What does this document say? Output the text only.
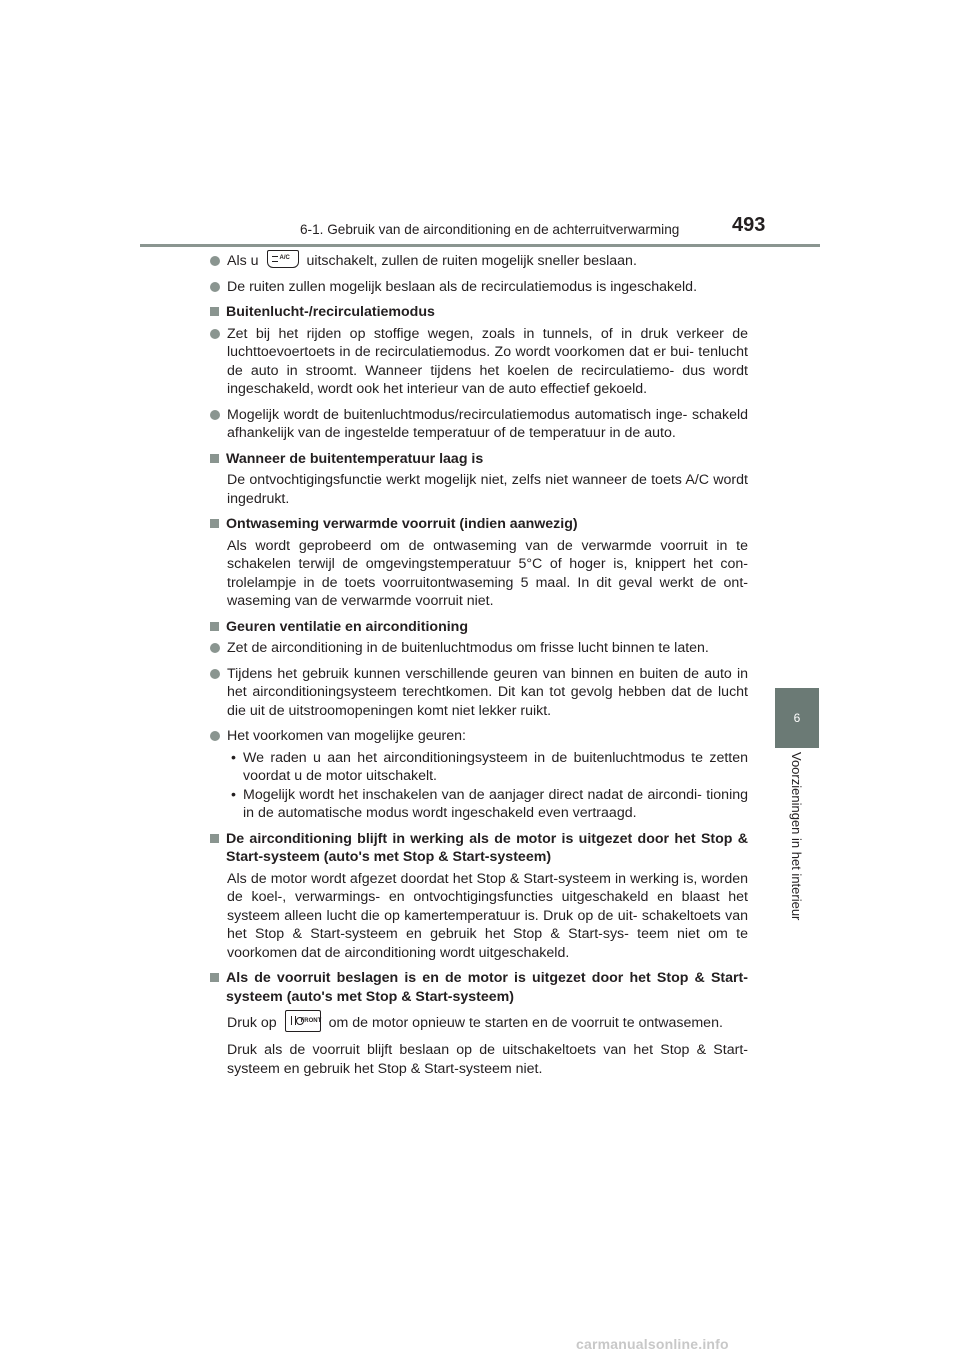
6-1. Gebruik van de airconditioning en de achterruitverwarming	493
6
Voorzieningen in het interieur
Als u	A/C uitschakelt, zullen de ruiten mogelijk sneller beslaan.
De ruiten zullen mogelijk beslaan als de recirculatiemodus is ingeschakeld.
Buitenlucht-/recirculatiemodus
Zet bij het rijden op stoffige wegen, zoals in tunnels, of in druk verkeer de luchttoevoertoets in de recirculatiemodus. Zo wordt voorkomen dat er bui- tenlucht de auto in stroomt. Wanneer tijdens het koelen de recirculatiemo- dus wordt ingeschakeld, wordt ook het interieur van de auto effectief gekoeld.
Mogelijk wordt de buitenluchtmodus/recirculatiemodus automatisch inge- schakeld afhankelijk van de ingestelde temperatuur of de temperatuur in de auto.
Wanneer de buitentemperatuur laag is
De ontvochtigingsfunctie werkt mogelijk niet, zelfs niet wanneer de toets A/C wordt ingedrukt.
Ontwaseming verwarmde voorruit (indien aanwezig)
Als wordt geprobeerd om de ontwaseming van de verwarmde voorruit in te schakelen terwijl de omgevingstemperatuur 5°C of hoger is, knippert het con- trolelampje in de toets voorruitontwaseming 5 maal. In dit geval werkt de ont- waseming van de verwarmde voorruit niet.
Geuren ventilatie en airconditioning
Zet de airconditioning in de buitenluchtmodus om frisse lucht binnen te laten.
Tijdens het gebruik kunnen verschillende geuren van binnen en buiten de auto in het airconditioningsysteem terechtkomen. Dit kan tot gevolg hebben dat de lucht die uit de uitstroomopeningen komt niet lekker ruikt.
Het voorkomen van mogelijke geuren:
• We raden u aan het airconditioningsysteem in de buitenluchtmodus te zetten voordat u de motor uitschakelt.
• Mogelijk wordt het inschakelen van de aanjager direct nadat de aircondi- tioning in de automatische modus wordt ingeschakeld even vertraagd.
De airconditioning blijft in werking als de motor is uitgezet door het Stop & Start-systeem (auto's met Stop & Start-systeem)
Als de motor wordt afgezet doordat het Stop & Start-systeem in werking is, worden de koel-, verwarmings- en ontvochtigingsfuncties uitgeschakeld en blaast het systeem alleen lucht die op kamertemperatuur is. Druk op de uit- schakeltoets van het Stop & Start-systeem en gebruik het Stop & Start-sys- teem niet om te voorkomen dat de airconditioning wordt uitgeschakeld.
Als de voorruit beslagen is en de motor is uitgezet door het Stop & Start- systeem (auto's met Stop & Start-systeem)
Druk op	FRONT om de motor opnieuw te starten en de voorruit te ontwasemen.
Druk als de voorruit blijft beslaan op de uitschakeltoets van het Stop & Start- systeem en gebruik het Stop & Start-systeem niet.
carmanualsonline.info
